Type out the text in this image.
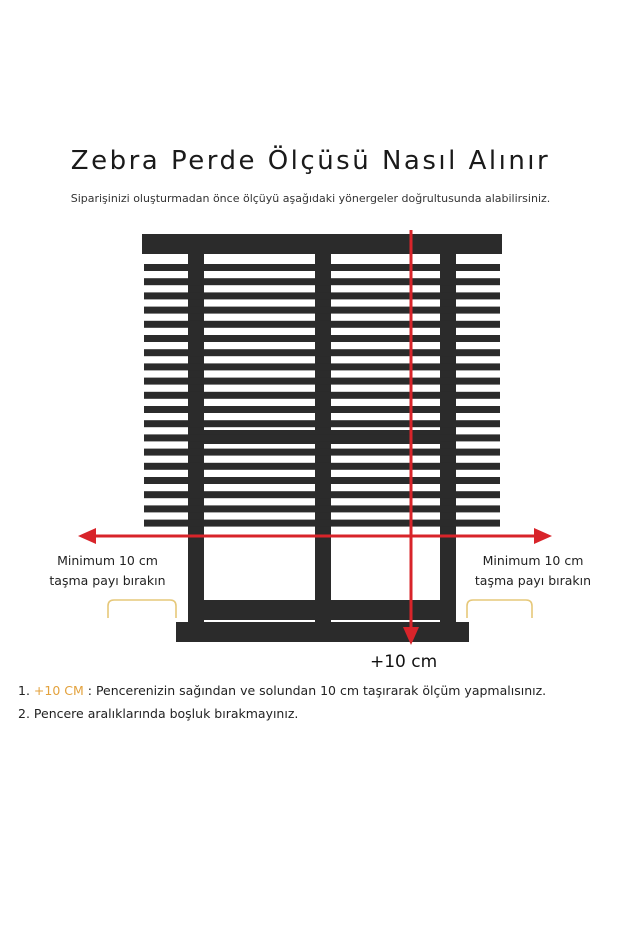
Zebra Perde Ölçüsü Nasıl Alınır
Siparişinizi oluşturmadan önce ölçüyü aşağıdaki yönergeler doğrultusunda alabilirsiniz.
Minimum 10 cm
taşma payı bırakın
Minimum 10 cm
taşma payı bırakın
+10 cm
1. +10 CM : Pencerenizin sağından ve solundan 10 cm taşırarak ölçüm yapmalısınız.
2. Pencere aralıklarında boşluk bırakmayınız.
